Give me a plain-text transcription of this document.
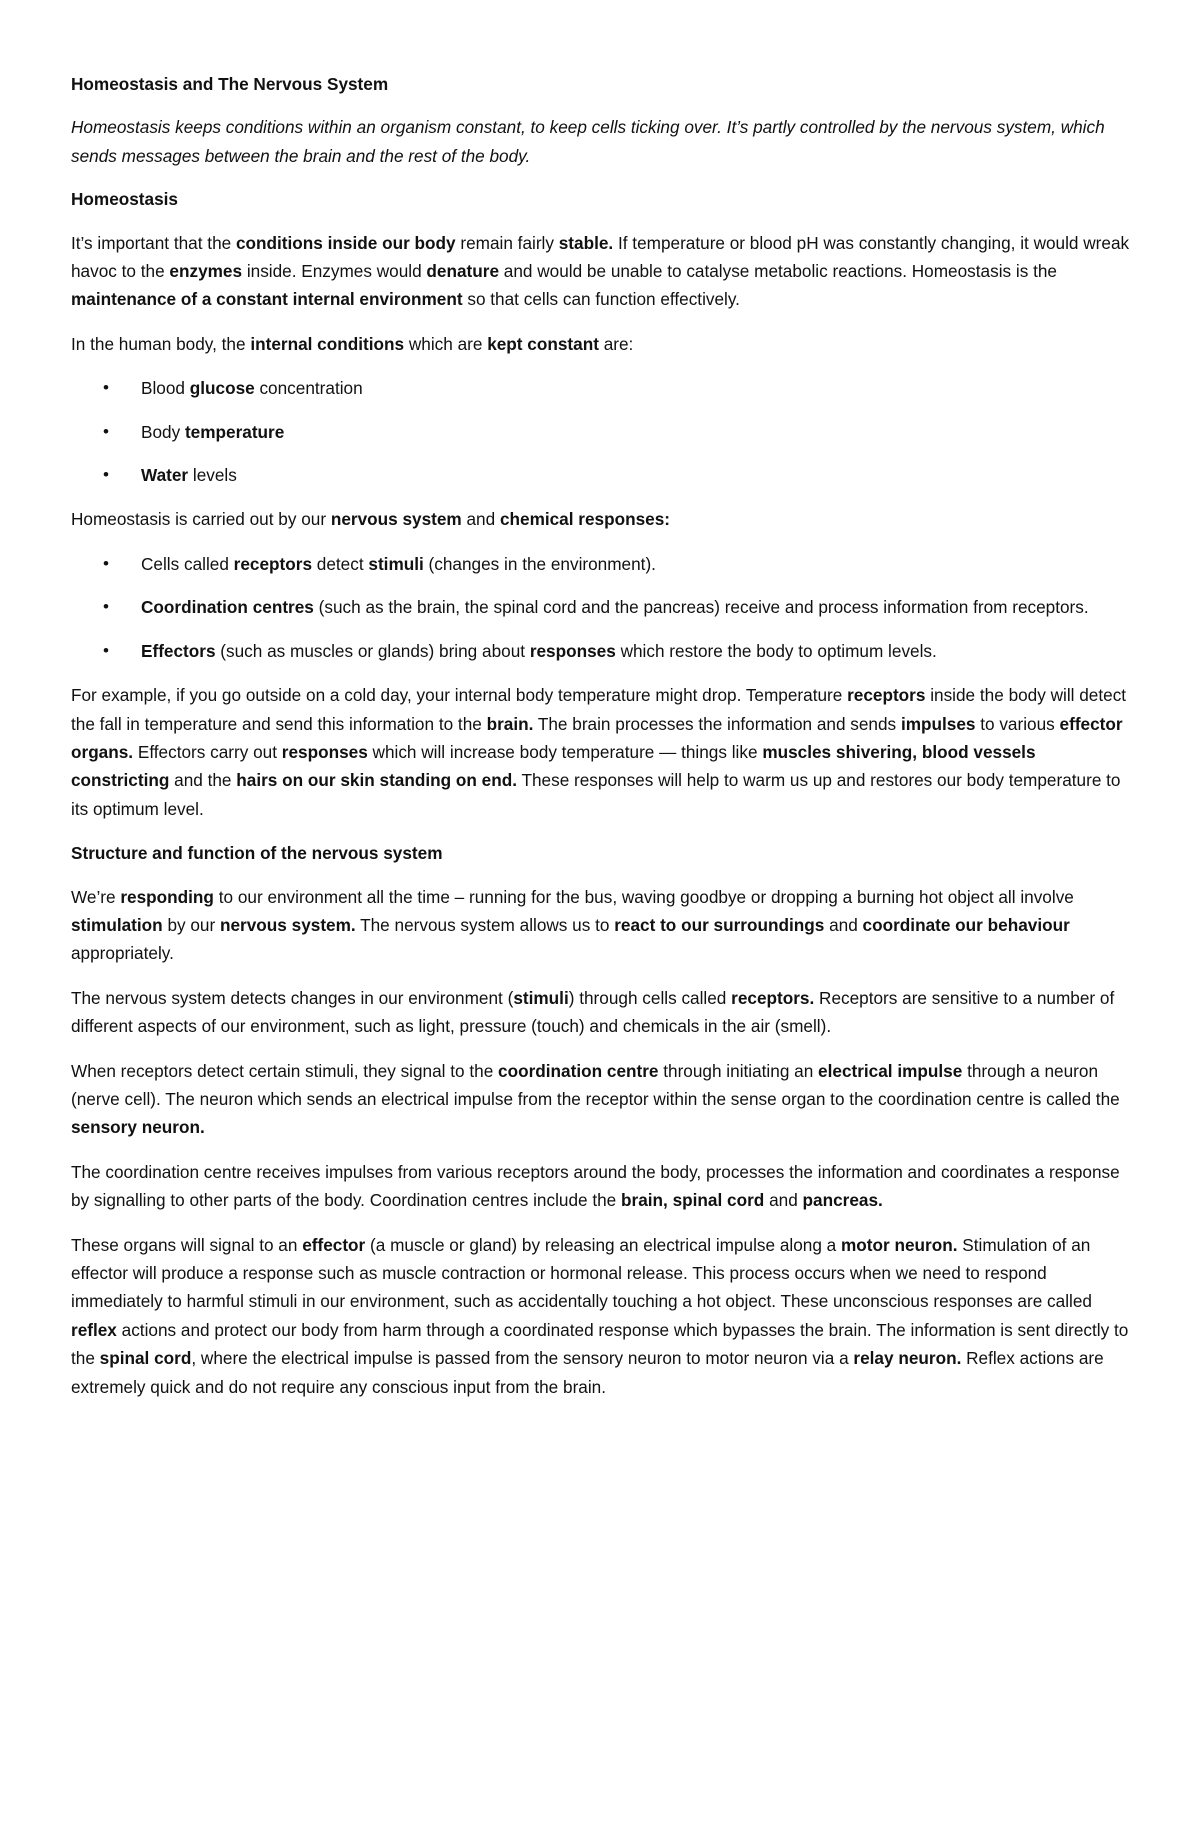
Homeostasis and The Nervous System
Homeostasis keeps conditions within an organism constant, to keep cells ticking over. It’s partly controlled by the nervous system, which sends messages between the brain and the rest of the body.
Homeostasis

It’s important that the conditions inside our body remain fairly stable. If temperature or blood pH was constantly changing, it would wreak havoc to the enzymes inside. Enzymes would denature and would be unable to catalyse metabolic reactions. Homeostasis is the maintenance of a constant internal environment so that cells can function effectively.

In the human body, the internal conditions which are kept constant are:

• Blood glucose concentration
• Body temperature
• Water levels

Homeostasis is carried out by our nervous system and chemical responses:

• Cells called receptors detect stimuli (changes in the environment).
• Coordination centres (such as the brain, the spinal cord and the pancreas) receive and process information from receptors.
• Effectors (such as muscles or glands) bring about responses which restore the body to optimum levels.

For example, if you go outside on a cold day, your internal body temperature might drop. Temperature receptors inside the body will detect the fall in temperature and send this information to the brain. The brain processes the information and sends impulses to various effector organs. Effectors carry out responses which will increase body temperature — things like muscles shivering, blood vessels constricting and the hairs on our skin standing on end. These responses will help to warm us up and restores our body temperature to its optimum level.

Structure and function of the nervous system

We’re responding to our environment all the time – running for the bus, waving goodbye or dropping a burning hot object all involve stimulation by our nervous system. The nervous system allows us to react to our surroundings and coordinate our behaviour appropriately.

The nervous system detects changes in our environment (stimuli) through cells called receptors. Receptors are sensitive to a number of different aspects of our environment, such as light, pressure (touch) and chemicals in the air (smell).

When receptors detect certain stimuli, they signal to the coordination centre through initiating an electrical impulse through a neuron (nerve cell). The neuron which sends an electrical impulse from the receptor within the sense organ to the coordination centre is called the sensory neuron.

The coordination centre receives impulses from various receptors around the body, processes the information and coordinates a response by signalling to other parts of the body. Coordination centres include the brain, spinal cord and pancreas.

These organs will signal to an effector (a muscle or gland) by releasing an electrical impulse along a motor neuron. Stimulation of an effector will produce a response such as muscle contraction or hormonal release. This process occurs when we need to respond immediately to harmful stimuli in our environment, such as accidentally touching a hot object. These unconscious responses are called reflex actions and protect our body from harm through a coordinated response which bypasses the brain. The information is sent directly to the spinal cord, where the electrical impulse is passed from the sensory neuron to motor neuron via a relay neuron. Reflex actions are extremely quick and do not require any conscious input from the brain.
